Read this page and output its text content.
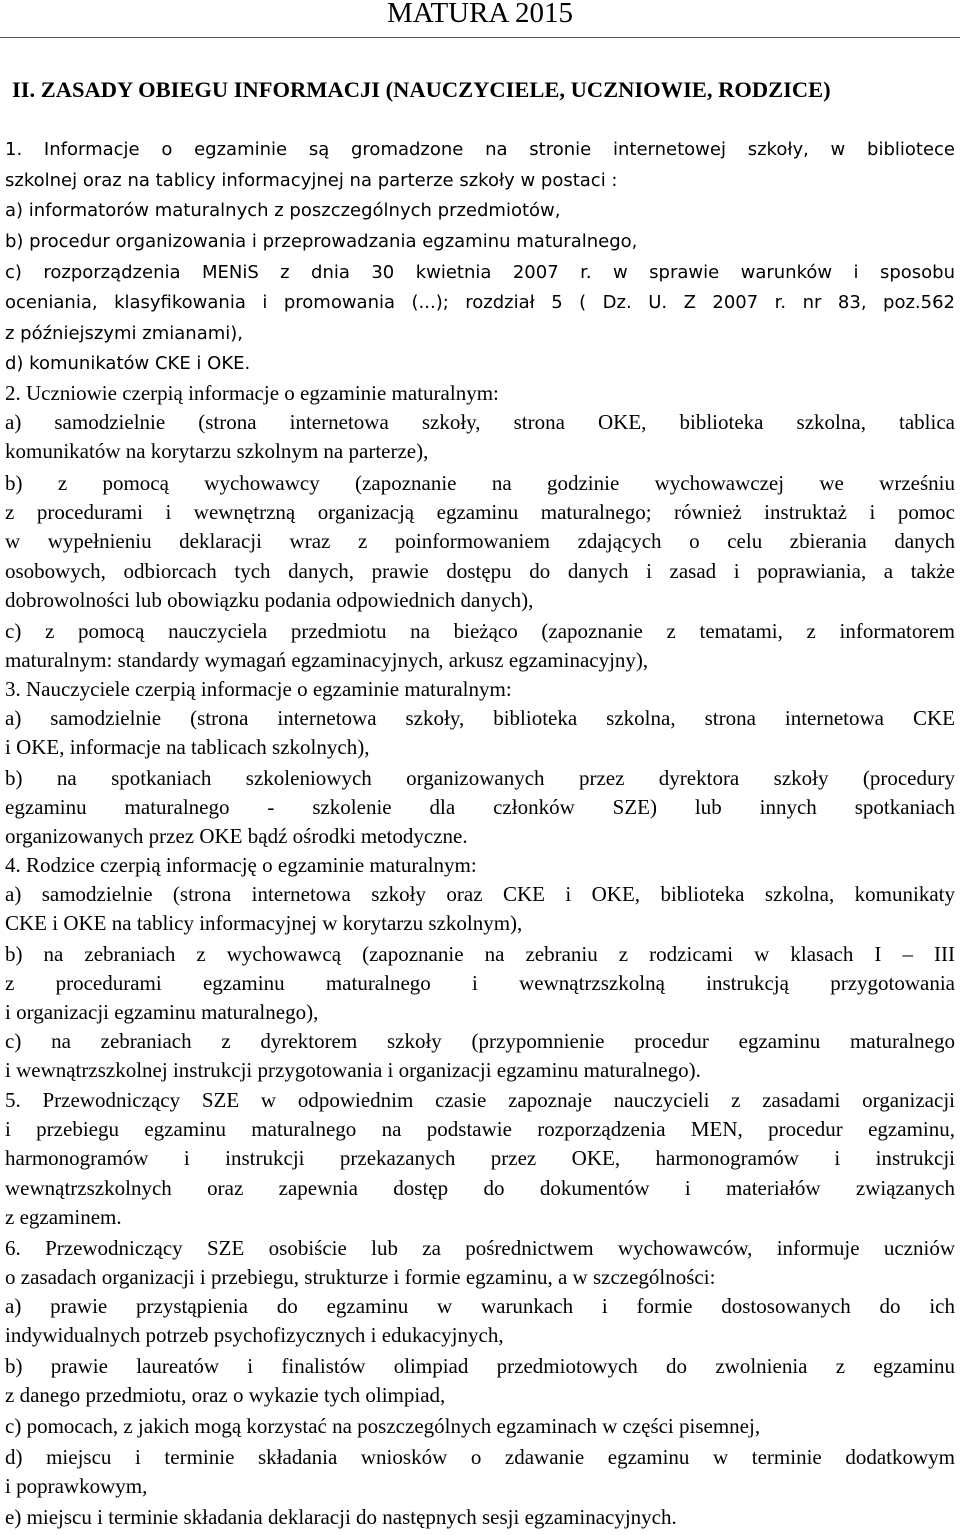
MATURA 2015
II. ZASADY OBIEGU INFORMACJI (NAUCZYCIELE, UCZNIOWIE, RODZICE)
1. Informacje o egzaminie są gromadzone na stronie internetowej szkoły, w bibliotece
szkolnej oraz na tablicy informacyjnej na parterze szkoły w postaci :
a) informatorów maturalnych z poszczególnych przedmiotów,
b) procedur organizowania i przeprowadzania egzaminu maturalnego,
c) rozporządzenia MENiS z dnia 30 kwietnia 2007 r. w sprawie warunków i sposobu
oceniania, klasyfikowania i promowania (...); rozdział 5 ( Dz. U. Z 2007 r. nr 83, poz.562
z późniejszymi zmianami),
d) komunikatów CKE i OKE.
2. Uczniowie czerpią informacje o egzaminie maturalnym:
a) samodzielnie (strona internetowa szkoły, strona OKE, biblioteka szkolna, tablica
komunikatów na korytarzu szkolnym na parterze),
b) z pomocą wychowawcy (zapoznanie na godzinie wychowawczej we wrześniu
z procedurami i wewnętrzną organizacją egzaminu maturalnego; również instruktaż i pomoc
w wypełnieniu deklaracji wraz z poinformowaniem zdających o celu zbierania danych
osobowych, odbiorcach tych danych, prawie dostępu do danych i zasad i poprawiania, a także
dobrowolności lub obowiązku podania odpowiednich danych),
c) z pomocą nauczyciela przedmiotu na bieżąco (zapoznanie z tematami, z informatorem
maturalnym: standardy wymagań egzaminacyjnych, arkusz egzaminacyjny),
3. Nauczyciele czerpią informacje o egzaminie maturalnym:
a) samodzielnie (strona internetowa szkoły, biblioteka szkolna, strona internetowa CKE
i OKE, informacje na tablicach szkolnych),
b) na spotkaniach szkoleniowych organizowanych przez dyrektora szkoły (procedury
egzaminu maturalnego - szkolenie dla członków SZE) lub innych spotkaniach
organizowanych przez OKE bądź ośrodki metodyczne.
4. Rodzice czerpią informację o egzaminie maturalnym:
a) samodzielnie (strona internetowa szkoły oraz CKE i OKE, biblioteka szkolna, komunikaty
CKE i OKE na tablicy informacyjnej w korytarzu szkolnym),
b) na zebraniach z wychowawcą (zapoznanie na zebraniu z rodzicami w klasach I – III
z procedurami egzaminu maturalnego i wewnątrzszkolną instrukcją przygotowania
i organizacji egzaminu maturalnego),
c) na zebraniach z dyrektorem szkoły (przypomnienie procedur egzaminu maturalnego
i wewnątrzszkolnej instrukcji przygotowania i organizacji egzaminu maturalnego).
5. Przewodniczący SZE w odpowiednim czasie zapoznaje nauczycieli z zasadami organizacji
i przebiegu egzaminu maturalnego na podstawie rozporządzenia MEN, procedur egzaminu,
harmonogramów i instrukcji przekazanych przez OKE, harmonogramów i instrukcji
wewnątrzszkolnych oraz zapewnia dostęp do dokumentów i materiałów związanych
z egzaminem.
6. Przewodniczący SZE osobiście lub za pośrednictwem wychowawców, informuje uczniów
o zasadach organizacji i przebiegu, strukturze i formie egzaminu, a w szczególności:
a) prawie przystąpienia do egzaminu w warunkach i formie dostosowanych do ich
indywidualnych potrzeb psychofizycznych i edukacyjnych,
b) prawie laureatów i finalistów olimpiad przedmiotowych do zwolnienia z egzaminu
z danego przedmiotu, oraz o wykazie tych olimpiad,
c) pomocach, z jakich mogą korzystać na poszczególnych egzaminach w części pisemnej,
d) miejscu i terminie składania wniosków o zdawanie egzaminu w terminie dodatkowym
i poprawkowym,
e) miejscu i terminie składania deklaracji do następnych sesji egzaminacyjnych.
